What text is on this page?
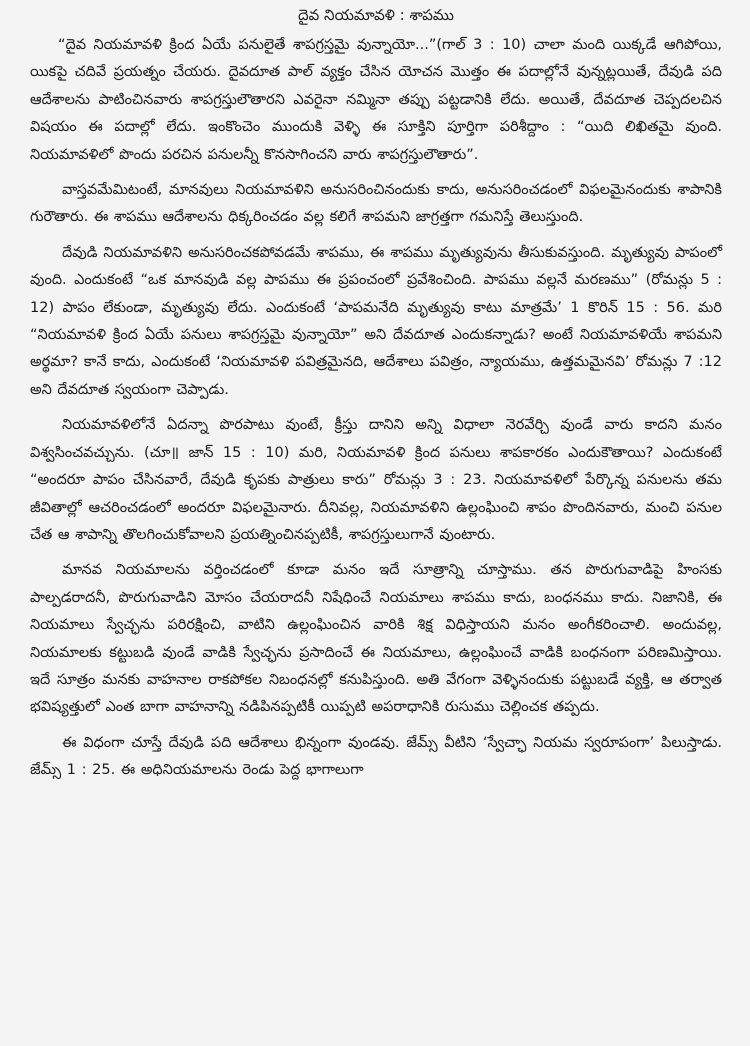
దైవ నియమావళి : శాపము

“దైవ నియమావళి క్రింద ఏయే పనులైతే శాపగ్రస్తమై వున్నాయో...”(గాల్ 3 : 10) చాలా మంది యిక్కడే ఆగిపోయి, యికపై చదివే ప్రయత్నం చేయరు. దైవదూత పాల్ వ్యక్తం చేసిన యోచన మొత్తం ఈ పదాల్లోనే వున్నట్లయితే, దేవుడి పది ఆదేశాలను పాటించినవారు శాపగ్రస్తులౌతారని ఎవరైనా నమ్మినా తప్పు పట్టడానికి లేదు. అయితే, దేవదూత చెప్పదలచిన విషయం ఈ పదాల్లో లేదు. ఇంకొంచెం ముందుకి వెళ్ళి ఈ సూక్తిని పూర్తిగా పరిశీద్దాం : “యిది లిఖితమై వుంది. నియమావళిలో పొందు పరచిన పనులన్నీ కొనసాగించని వారు శాపగ్రస్తులౌతారు”.

వాస్తవమేమిటంటే, మానవులు నియమావళిని అనుసరించినందుకు కాదు, అనుసరించడంలో విఫలమైనందుకు శాపానికి గురౌతారు. ఈ శాపము ఆదేశాలను ధిక్కరించడం వల్ల కలిగే శాపమని జాగ్రత్తగా గమనిస్తే తెలుస్తుంది.

దేవుడి నియమావళిని అనుసరించకపోవడమే శాపము, ఈ శాపము మృత్యువును తీసుకువస్తుంది. మృత్యువు పాపంలో వుంది. ఎందుకంటే “ఒక మానవుడి వల్ల పాపము ఈ ప్రపంచంలో ప్రవేశించింది. పాపము వల్లనే మరణము” (రోమన్లు 5 : 12) పాపం లేకుండా, మృత్యువు లేదు. ఎందుకంటే ‘పాపమనేది మృత్యువు కాటు మాత్రమే’ 1 కొరిన్ 15 : 56. మరి “నియమావళి క్రింద ఏయే పనులు శాపగ్రస్తమై వున్నాయో” అని దేవదూత ఎందుకన్నాడు? అంటే నియమావళియే శాపమని అర్థమా? కానే కాదు, ఎందుకంటే ‘నియమావళి పవిత్రమైనది, ఆదేశాలు పవిత్రం, న్యాయము, ఉత్తమమైనవి’ రోమన్లు 7 :12 అని దేవదూత స్వయంగా చెప్పాడు.

నియమావళిలోనే ఏదన్నా పొరపాటు వుంటే, క్రీస్తు దానిని అన్ని విధాలా నెరవేర్చి వుండే వారు కాదని మనం విశ్వసించవచ్చును. (చూ॥ జాన్ 15 : 10) మరి, నియమావళి క్రింద పనులు శాపకారకం ఎందుకౌతాయి? ఎందుకంటే “అందరూ పాపం చేసినవారే, దేవుడి కృపకు పాత్రులు కారు” రోమన్లు 3 : 23. నియమావళిలో పేర్కొన్న పనులను తమ జీవితాల్లో ఆచరించడంలో అందరూ విఫలమైనారు. దీనివల్ల, నియమావళిని ఉల్లంఘించి శాపం పొందినవారు, మంచి పనుల చేత ఆ శాపాన్ని తొలగించుకోవాలని ప్రయత్నించినప్పటికీ, శాపగ్రస్తులుగానే వుంటారు.

మానవ నియమాలను వర్తించడంలో కూడా మనం ఇదే సూత్రాన్ని చూస్తాము. తన పొరుగువాడిపై హింసకు పాల్పడరాదనీ, పొరుగువాడిని మోసం చేయరాదనీ నిషేధించే నియమాలు శాపము కాదు, బంధనము కాదు. నిజానికి, ఈ నియమాలు స్వేచ్ఛను పరిరక్షించి, వాటిని ఉల్లంఘించిన వారికి శిక్ష విధిస్తాయని మనం అంగీకరించాలి. అందువల్ల, నియమాలకు కట్టుబడి వుండే వాడికి స్వేచ్ఛను ప్రసాదించే ఈ నియమాలు, ఉల్లంఘించే వాడికి బంధనంగా పరిణమిస్తాయి. ఇదే సూత్రం మనకు వాహనాల రాకపోకల నిబంధనల్లో కనుపిస్తుంది. అతి వేగంగా వెళ్ళినందుకు పట్టుబడే వ్యక్తి, ఆ తర్వాత భవిష్యత్తులో ఎంత బాగా వాహనాన్ని నడిపినప్పటికీ యిప్పటి అపరాధానికి రుసుము చెల్లించక తప్పదు.

ఈ విధంగా చూస్తే దేవుడి పది ఆదేశాలు భిన్నంగా వుండవు. జేమ్స్ వీటిని ‘స్వేచ్ఛా నియమ స్వరూపంగా’ పిలుస్తాడు. జేమ్స్ 1 : 25. ఈ అధినియమాలను రెండు పెద్ద భాగాలుగా
